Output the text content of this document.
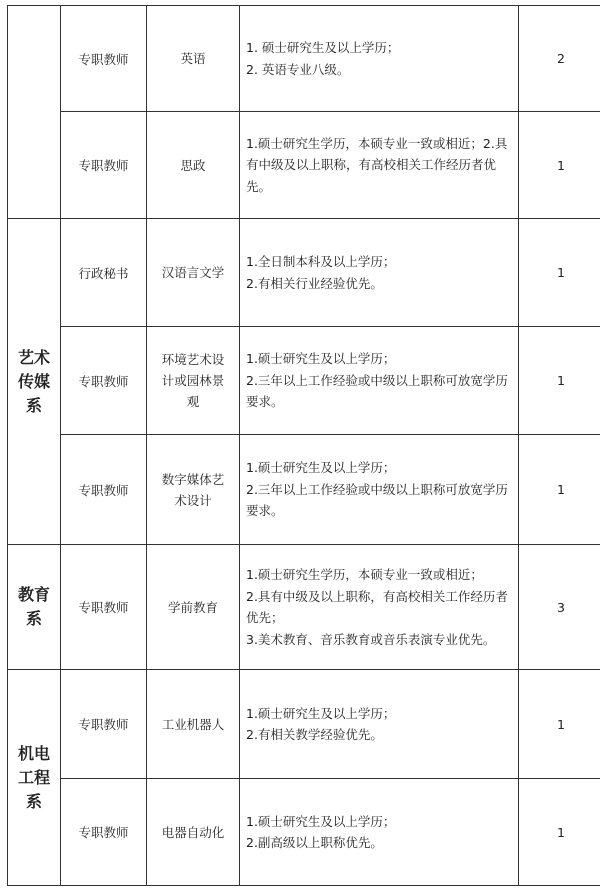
	专职教师	英语	1. 硕士研究生及以上学历；
2. 英语专业八级。	2
	专职教师	思政	1.硕士研究生学历，本硕专业一致或相近；2.具有中级及以上职称，有高校相关工作经历者优先。	1
艺术传媒系	行政秘书	汉语言文学	1.全日制本科及以上学历；
2.有相关行业经验优先。	1
	专职教师	环境艺术设计或园林景观	1.硕士研究生及以上学历；
2.三年以上工作经验或中级以上职称可放宽学历要求。	1
	专职教师	数字媒体艺术设计	1.硕士研究生及以上学历；
2.三年以上工作经验或中级以上职称可放宽学历要求。	1
教育系	专职教师	学前教育	1.硕士研究生学历，本硕专业一致或相近；
2.具有中级及以上职称，有高校相关工作经历者优先；
3.美术教育、音乐教育或音乐表演专业优先。	3
机电工程系	专职教师	工业机器人	1.硕士研究生及以上学历；
2.有相关教学经验优先。	1
	专职教师	电器自动化	1.硕士研究生及以上学历；
2.副高级以上职称优先。	1
